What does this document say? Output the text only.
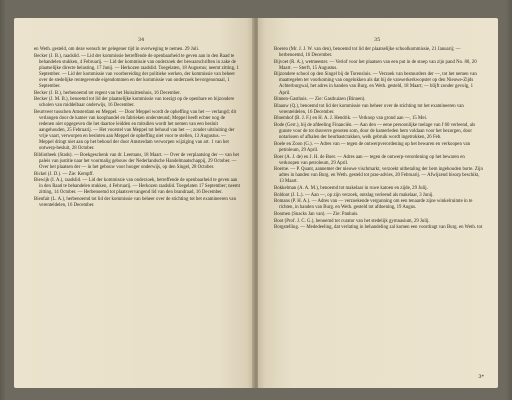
34
en Weth. gesteld, om deze wensch ter gelegener tijd in overweging te nemen. 29 Juli.
Becker (J. B.), raadslid. — Lid der kommissie betreffende de openbaarheid te geven aan in den Raad te behandelen stukken, 4 Februarij. — Lid der kommissie van onderzoek der bewaarschriften in zake de plaatselijke directe belasting, 17 Junij. — Herkozen raadslid. Toegelaten, 18 Augustus; neemt zitting, 1 September. — Lid der kommissie van voorbereiding der politieke werken, der kommissie van beheer over de stedelijke rentegevende eigendommen en der kommissie van onderzoek bevorgenomaal, 1 September.
Becker (J. B.), herbenoemd tot regent van het Huiszittenhuis, 16 December.
Becker (J. M. B.), benoemd tot lid der plaatselijke kommissie van toezigt op de openbare en bijzondere scholen van middelbaar onderwijs, 16 December.
Beurtveer tusschen Amsterdam en Meppel. — Door Meppel wordt de opheffing van het — verlangd; dit verlangen door de kamer van koophandel en fabrieken ondersteund; Meppel heeft echter nog de redenen niet opgegeven die het daartoe leidden en mitsdien wordt het nemen van een besluit aangehouden, 25 Februarij. — Het voorstel van Meppel tot behoud van het —; zonder uitsluiting der vrije vaart, verworpen en besloten aan Meppel de opheffing niet voor te stellen, 13 Augustus. — Meppel dringt niet aan op het behoud der door Amsterdam verworpen wijziging van art. 1 van het ontwerp-besluit, 28 October.
Bibliotheek (Stads). — Boekgeschenk van dr. Leemans, 18 Maart. — Over de verplaatsing der — van het paleis van justitie naar het voormalig gebouw der Nederlandsche Handelmaatschappij, 29 October. — Over het plaatsen der — in het gebouw voor hooger onderwijs, op den Singel, 28 October.
Bickel (J. D.). — Zie: Kempff.
Biewijk (I. A.), raadslid. — Lid der kommissie van onderzoek, betreffende de openbaarheid te geven aan in den Raad te behandelen stukken, 4 Februarij. — Herkozen raadslid. Toegelaten 17 September; neemt zitting, 14 October. — Herbenoemd tot plaatsvervangend lid van den brandraad, 16 December.
Bienfait (L. A.), herbenoemd tot lid der kommissie van beheer over de stichting tot het examineeren van verenteldelen, 16 December.
35
Boeren (Mr. J. J. W. van den), benoemd tot lid der plaatselijke schoolkommissie, 21 Januarij; — herbenoemd, 16 December.
Bijvoet (R. A.), wetmeester. — Verlof voor het plaatsen van een put in de stoep van zijn pand No. 80, 20 Maart. — Sterft, 15 Augustus.
Bijzondere school op den Singel bij de Torensluis. — Verzoek van bestuurders der —, tot het nemen van maatregelen ter voorkoming van ongelukken als dat bij de vanwerkerkwopster op den Nieuwe-Zijds Achterburgwal, het adres in handen van Burg. en Weth. gesteld, 18 Maart; — blijft zonder gevolg, 1 April.
Binnen-Gasthuis. — Zie: Gasthuizen (Binnen).
Blaauw (Q.), benoemd tot lid der kommissie van beheer over de stichting tot het examineeren van verenteldelen, 16 December.
Bloemhof (B. J. F.) en H. A. J. Hendrik. — Verkoop van grond aan —, 15 Mei.
Bode (Gerr.), bij de afdeeling Financiën. — Aan den — eene persoonlijke toelage van f 60 verleend, als gunste voor de tot dusverre genoten som, door de kamerleden hem voldaan voor het bezorgen, door notarissen of afhalen der beurbastcrakken, welk gebruik wordt ingetrokken, 26 Feb.
Boele en Zoon (G.). — Adres van — tegen de ontwerpverordening op het bewaren en verkoopen van petroleum, 29 April.
Boer (A. J. de) en J. H. de Boer. — Adres aan — tegen de ontwerp-verordening op het bewaren en verkoopen van petroleum, 29 April.
Boerne. — P. Quant, aannemer der nieuwe vischmarkt, verzoekt uitbetaling der hem ingehouden borte. Zijn adres in handen van Burg. en Weth. gesteld tot prae-advies, 20 Februarij. — Afwijzend bisorp beschikt, 13 Maart.
Bokkelman (A. A. M.), benoemd tot makelaar in ruwe katoen en zijde, 29 Julij.
Boldoot (J. L.). — Aan —, op zijn verzoek, ontslag verleend als makelaar, 3 Junij.
Bomans (P. H. A.). — Adres van — verzoekende vergunning om een tenaarde zijne winkelruimte in te richten, in handen van Burg. en Weth. gesteld tot afdoening, 19 Augus.
Boomen (Snacks Jan van). — Zie: Panhuis.
Boot (Prof. J. C. G.), benoemd tot curator van het stedelijk gymnasium, 29 Julij.
Borgstelling. — Mededeeling, dat verlating in behandeling zal komen een voordragt van Burg. en Weth. tot
3*
